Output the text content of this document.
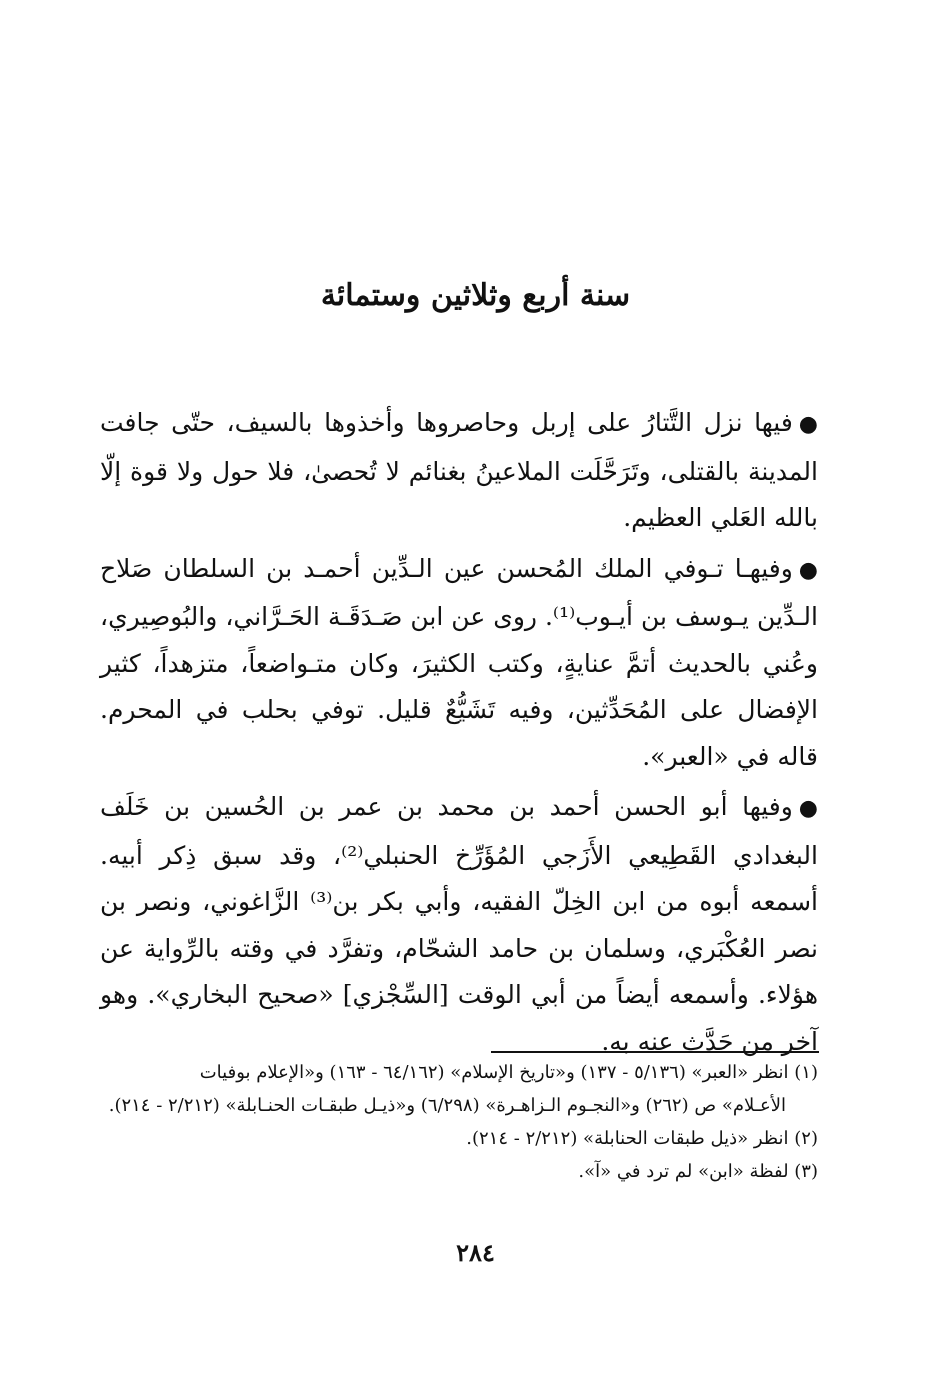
سنة أربع وثلاثين وستمائة

●فيها نزل التَّتارُ على إربل وحاصروها وأخذوها بالسيف، حتّى جافت المدينة بالقتلى، وتَرَحَّلَت الملاعينُ بغنائم لا تُحصىٰ، فلا حول ولا قوة إلّا بالله العَلي العظيم.

●وفيهـا تـوفي الملك المُحسن عين الـدِّين أحمـد بن السلطان صَلاح الـدِّين يـوسف بن أيـوب⁽¹⁾. روى عن ابن صَـدَقَـة الحَـرَّاني، والبُوصِيري، وعُني بالحديث أتمَّ عنايةٍ، وكتب الكثيرَ، وكان متـواضعاً، متزهداً، كثير الإفضال على المُحَدِّثين، وفيه تَشَيُّعٌ قليل. توفي بحلب في المحرم. قاله في «العبر».

●وفيها أبو الحسن أحمد بن محمد بن عمر بن الحُسين بن خَلَف البغدادي القَطِيعي الأَزَجي المُؤَرِّخ الحنبلي⁽²⁾، وقد سبق ذِكر أبيه. أسمعه أبوه من ابن الخِلّ الفقيه، وأبي بكر بن⁽³⁾ الزَّاغوني، ونصر بن نصر العُكْبَري، وسلمان بن حامد الشحّام، وتفرَّد في وقته بالرِّواية عن هؤلاء. وأسمعه أيضاً من أبي الوقت [السِّجْزي] «صحيح البخاري». وهو آخر من حَدَّث عنه به.

(١) انظر «العبر» (٥/١٣٦ - ١٣٧) و«تاريخ الإسلام» (٦٤/١٦٢ - ١٦٣) و«الإعلام بوفيات

الأعـلام» ص (٢٦٢) و«النجـوم الـزاهـرة» (٦/٢٩٨) و«ذيـل طبقـات الحنـابلة» (٢/٢١٢ - ٢١٤).

(٢) انظر «ذيل طبقات الحنابلة» (٢/٢١٢ - ٢١٤).

(٣) لفظة «ابن» لم ترد في «آ».

٢٨٤
